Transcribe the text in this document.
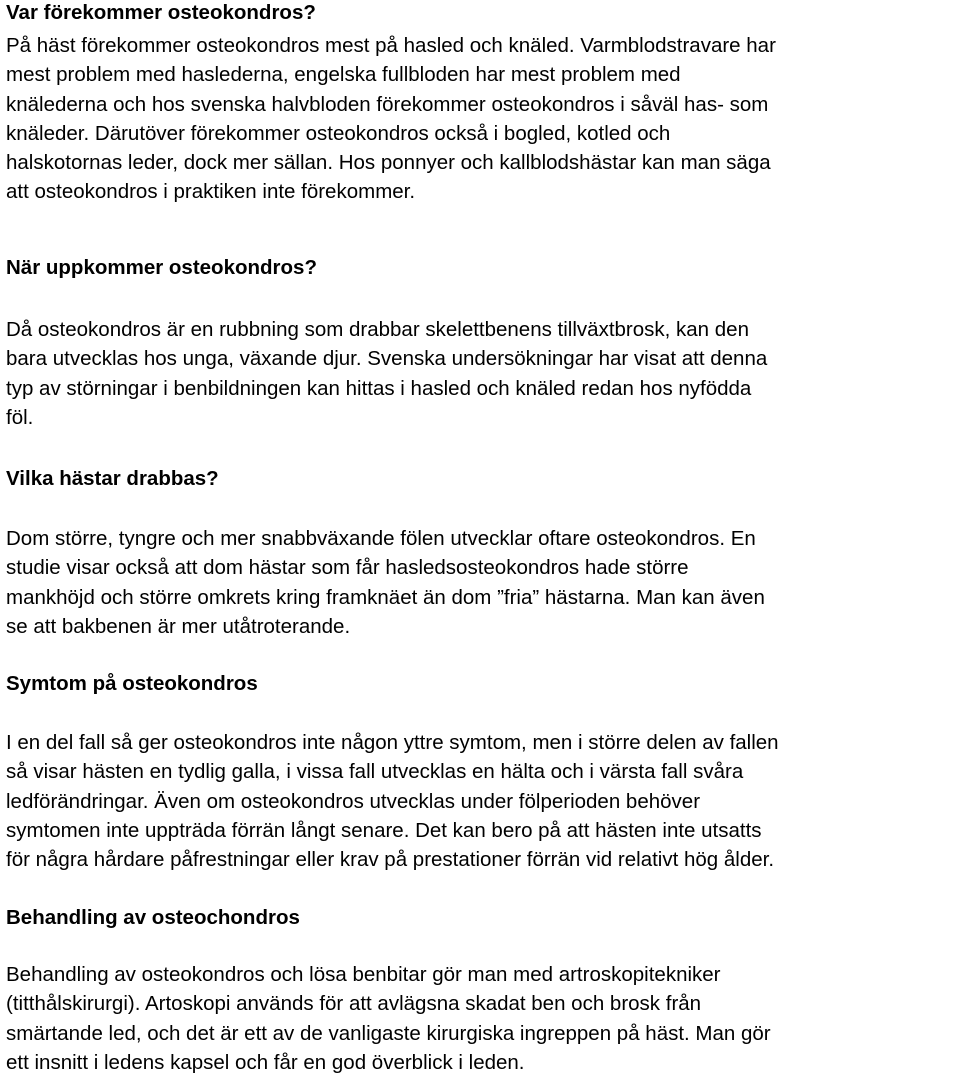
Var förekommer osteokondros?

På häst förekommer osteokondros mest på hasled och knäled. Varmblodstravare har
mest problem med haslederna, engelska fullbloden har mest problem med
knälederna och hos svenska halvbloden förekommer osteokondros i såväl has- som
knäleder. Därutöver förekommer osteokondros också i bogled, kotled och
halskotornas leder, dock mer sällan. Hos ponnyer och kallblodshästar kan man säga
att osteokondros i praktiken inte förekommer.

När uppkommer osteokondros?

Då osteokondros är en rubbning som drabbar skelettbenens tillväxtbrosk, kan den
bara utvecklas hos unga, växande djur. Svenska undersökningar har visat att denna
typ av störningar i benbildningen kan hittas i hasled och knäled redan hos nyfödda
föl.

Vilka hästar drabbas?

Dom större, tyngre och mer snabbväxande fölen utvecklar oftare osteokondros. En
studie visar också att dom hästar som får hasledsosteokondros hade större
mankhöjd och större omkrets kring framknäet än dom ”fria” hästarna. Man kan även
se att bakbenen är mer utåtroterande.

Symtom på osteokondros

I en del fall så ger osteokondros inte någon yttre symtom, men i större delen av fallen
så visar hästen en tydlig galla, i vissa fall utvecklas en hälta och i värsta fall svåra
ledförändringar. Även om osteokondros utvecklas under fölperioden behöver
symtomen inte uppträda förrän långt senare. Det kan bero på att hästen inte utsatts
för några hårdare påfrestningar eller krav på prestationer förrän vid relativt hög ålder.

Behandling av osteochondros

Behandling av osteokondros och lösa benbitar gör man med artroskopitekniker
(titthålskirurgi). Artoskopi används för att avlägsna skadat ben och brosk från
smärtande led, och det är ett av de vanligaste kirurgiska ingreppen på häst. Man gör
ett insnitt i ledens kapsel och får en god överblick i leden.
